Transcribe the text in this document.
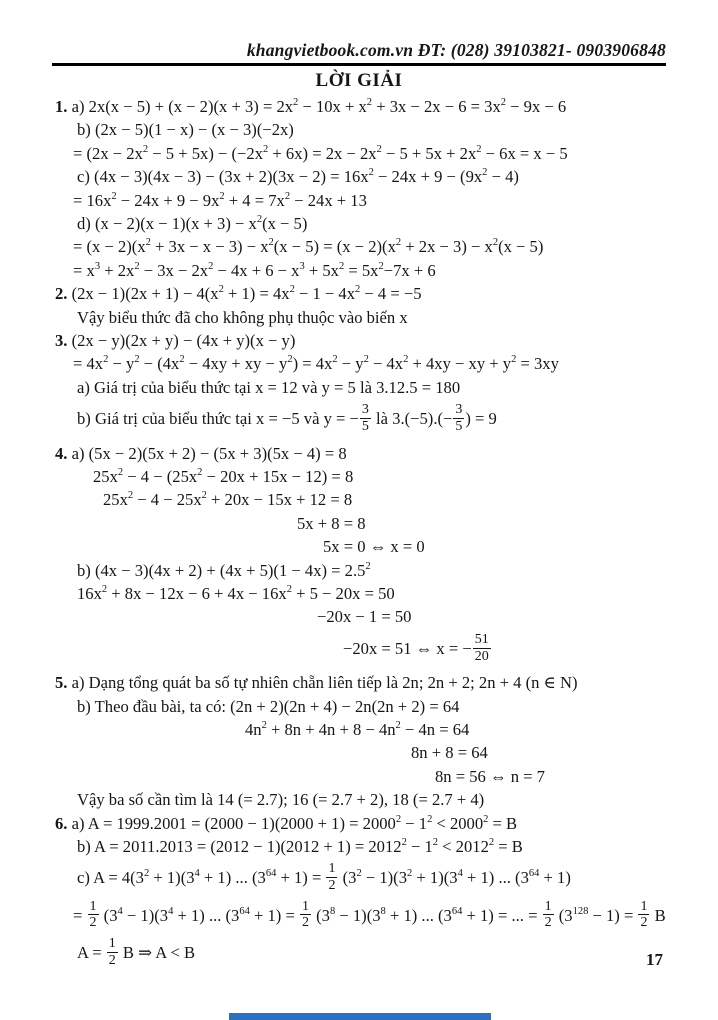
khangvietbook.com.vn ĐT: (028) 39103821- 0903906848
LỜI GIẢI
1. a) $2x(x - 5) + (x - 2)(x + 3) = 2x^2 - 10x + x^2 + 3x - 2x - 6 = 3x^2 - 9x - 6$
b) (2x − 5)(1 − x) − (x − 3)(−2x)
= $(2x - 2x^2 - 5 + 5x) - (-2x^2 + 6x) = 2x - 2x^2 - 5 + 5x + 2x^2 - 6x = x - 5$
c) $(4x - 3)(4x - 3) - (3x + 2)(3x - 2) = 16x^2 - 24x + 9 - (9x^2 - 4)$
= $16x^2 - 24x + 9 - 9x^2 + 4 = 7x^2 - 24x + 13$
d) $(x - 2)(x - 1)(x + 3) - x^2(x - 5)$
= $(x - 2)(x^2 + 3x - x - 3) - x^2(x - 5) = (x - 2)(x^2 + 2x - 3) - x^2(x - 5)$
= $x^3 + 2x^2 - 3x - 2x^2 - 4x + 6 - x^3 + 5x^2 = 5x^2-7x + 6$
2. $(2x - 1)(2x + 1) - 4(x^2 + 1) = 4x^2 - 1 - 4x^2 - 4 = -5$
Vậy biểu thức đã cho không phụ thuộc vào biến x
3. (2x − y)(2x + y) − (4x + y)(x − y)
= $4x^2 - y^2 - (4x^2 - 4xy$ + xy − $y^2) = 4x^2 - y^2 - 4x^2 + 4xy$ − xy + $y^2 = 3xy$
a) Giá trị của biểu thức tại x = 12 và y = 5 là 3.12.5 = 180
b) Giá trị của biểu thức tại x = −5 và y = − $\frac{3}{5}$ là $3.(-5).(- \frac{3}{5}$ ) = 9
4. a) (5x − 2)(5x + 2) − (5x + 3)(5x − 4) = 8
$25x^2 - 4 - (25x^2 - 20x + 15x - 12) = 8$
$25x^2 - 4 - 25x^2 + 20x - 15x + 12 = 8$
5x + 8 = 8
5x = 0 ⇔ x = 0
b) $(4x - 3)(4x + 2) + (4x + 5)(1 - 4x) = 2.5^2$
$16x^2 + 8x - 12x - 6 + 4x - 16x^2 + 5 - 20x = 50$
−20x − 1 = 50
−20x = 51 ⇔ x = − $\frac{51}{20}$
5. a) Dạng tổng quát ba số tự nhiên chẵn liên tiếp là 2n; 2n + 2; 2n + 4 (n ∈ N)
b) Theo đầu bài, ta có: (2n + 2)(2n + 4) − 2n(2n + 2) = 64
$4n^2 + 8n + 4n + 8 - 4n^2 - 4n = 64$
8n + 8 = 64
8n = 56 ⇔ n = 7
Vậy ba số cần tìm là 14 (= 2.7); 16 (= 2.7 + 2), 18 (= 2.7 + 4)
6. a) $A = 1999.2001 = (2000 - 1)(2000 + 1) = 2000^2 - 1^2 < 2000^2 = B$
b) $A = 2011.2013 = (2012 - 1)(2012 + 1) = 2012^2 - 1^2 < 2012^2 = B$
c) $A = 4(3^2 + 1)(3^4 + 1)$ ... $(3^{64} + 1) = \frac{1}{2} (3^2 - 1)(3^2 + 1)(3^4 + 1)$ ... $(3^{64} + 1)$
= $\frac{1}{2} (3^4 - 1)(3^4 + 1)$ ... $(3^{64} + 1) = \frac{1}{2} (3^8 - 1)(3^8 + 1)$ ... $(3^{64} + 1)$ = ... = $\frac{1}{2} (3^{128} - 1) = \frac{1}{2}$ B
$A = \frac{1}{2}$ B ⇒ A < B	17
